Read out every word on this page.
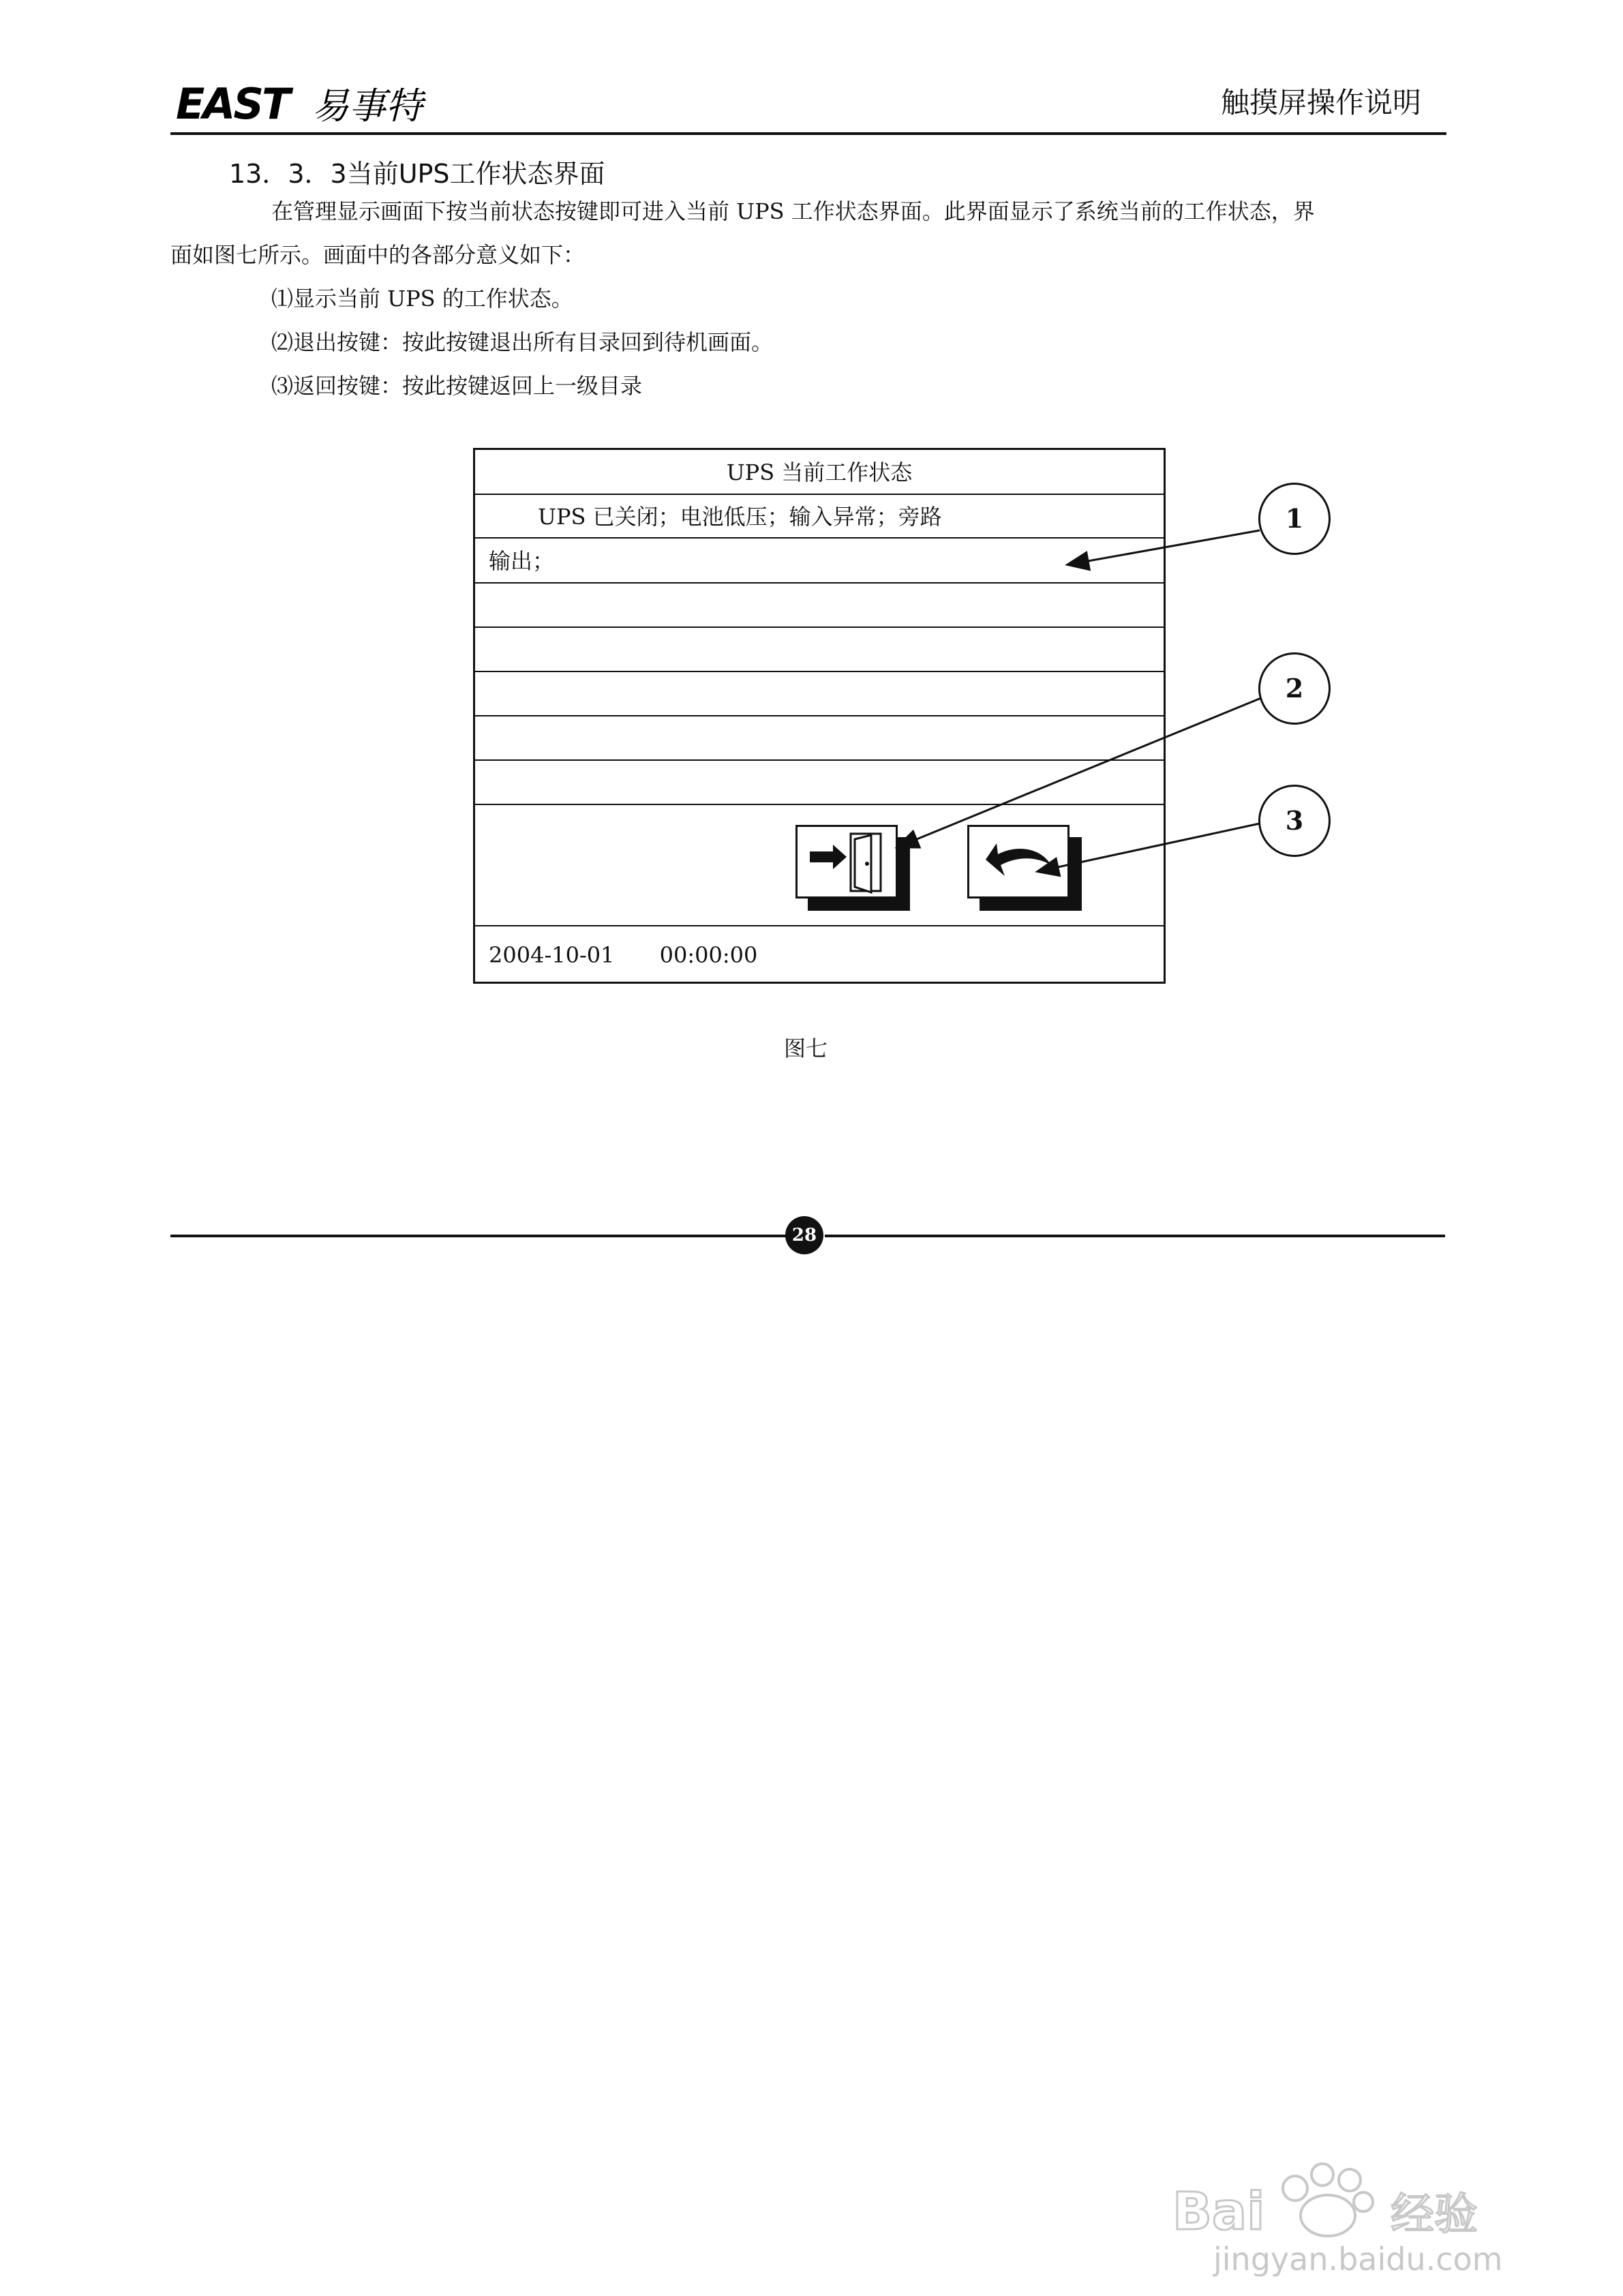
EAST 易事特	触摸屏操作说明
13．3．3当前UPS工作状态界面
在管理显示画面下按当前状态按键即可进入当前 UPS 工作状态界面。此界面显示了系统当前的工作状态，界
面如图七所示。画面中的各部分意义如下：
⑴显示当前 UPS 的工作状态。
⑵退出按键：按此按键退出所有目录回到待机画面。
⑶返回按键：按此按键返回上一级目录
UPS 当前工作状态
UPS 已关闭；电池低压；输入异常；旁路
输出；
2004-10-01 00:00:00
1
2
3
图七
28
Bai	经验
jingyan.baidu.com
